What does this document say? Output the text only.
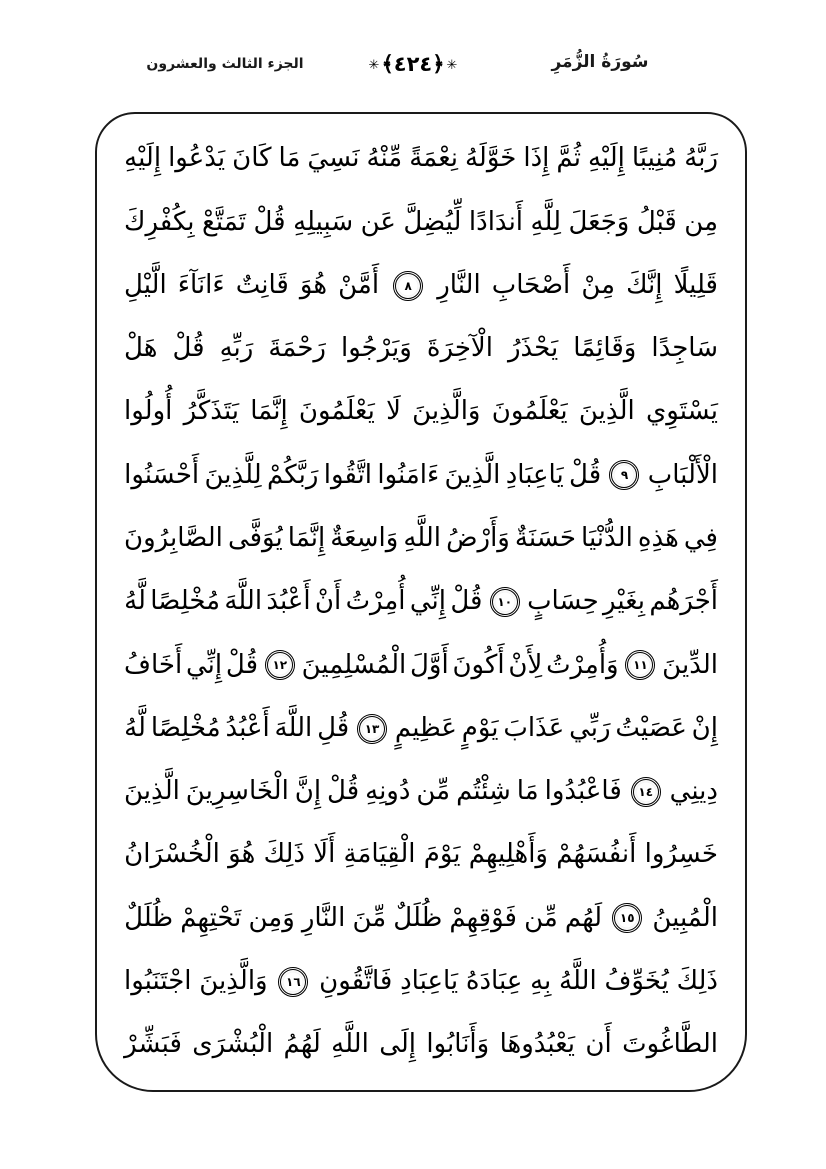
سُورَةُ الزُّمَرِ
✳
﴿٤٢٤﴾
✳
الجزء الثالث والعشرون
رَبَّهُ
مُنِيبًا
إِلَيْهِ
ثُمَّ
إِذَا
خَوَّلَهُ
نِعْمَةً
مِّنْهُ
نَسِيَ
مَا
كَانَ
يَدْعُوا
إِلَيْهِ
مِن
قَبْلُ
وَجَعَلَ
لِلَّهِ
أَندَادًا
لِّيُضِلَّ
عَن
سَبِيلِهِ
قُلْ
تَمَتَّعْ
بِكُفْرِكَ
قَلِيلًا
إِنَّكَ
مِنْ
أَصْحَابِ
النَّارِ
٨
أَمَّنْ
هُوَ
قَانِتٌ
ءَانَآءَ
الَّيْلِ
سَاجِدًا
وَقَائِمًا
يَحْذَرُ
الْآخِرَةَ
وَيَرْجُوا
رَحْمَةَ
رَبِّهِ
قُلْ
هَلْ
يَسْتَوِي
الَّذِينَ
يَعْلَمُونَ
وَالَّذِينَ
لَا
يَعْلَمُونَ
إِنَّمَا
يَتَذَكَّرُ
أُولُوا
الْأَلْبَابِ
٩
قُلْ
يَاعِبَادِ
الَّذِينَ
ءَامَنُوا
اتَّقُوا
رَبَّكُمْ
لِلَّذِينَ
أَحْسَنُوا
فِي
هَذِهِ
الدُّنْيَا
حَسَنَةٌ
وَأَرْضُ
اللَّهِ
وَاسِعَةٌ
إِنَّمَا
يُوَفَّى
الصَّابِرُونَ
أَجْرَهُم
بِغَيْرِ
حِسَابٍ
١٠
قُلْ
إِنِّي
أُمِرْتُ
أَنْ
أَعْبُدَ
اللَّهَ
مُخْلِصًا
لَّهُ
الدِّينَ
١١
وَأُمِرْتُ
لِأَنْ
أَكُونَ
أَوَّلَ
الْمُسْلِمِينَ
١٢
قُلْ
إِنِّي
أَخَافُ
إِنْ
عَصَيْتُ
رَبِّي
عَذَابَ
يَوْمٍ
عَظِيمٍ
١٣
قُلِ
اللَّهَ
أَعْبُدُ
مُخْلِصًا
لَّهُ
دِينِي
١٤
فَاعْبُدُوا
مَا
شِئْتُم
مِّن
دُونِهِ
قُلْ
إِنَّ
الْخَاسِرِينَ
الَّذِينَ
خَسِرُوا
أَنفُسَهُمْ
وَأَهْلِيهِمْ
يَوْمَ
الْقِيَامَةِ
أَلَا
ذَلِكَ
هُوَ
الْخُسْرَانُ
الْمُبِينُ
١٥
لَهُم
مِّن
فَوْقِهِمْ
ظُلَلٌ
مِّنَ
النَّارِ
وَمِن
تَحْتِهِمْ
ظُلَلٌ
ذَلِكَ
يُخَوِّفُ
اللَّهُ
بِهِ
عِبَادَهُ
يَاعِبَادِ
فَاتَّقُونِ
١٦
وَالَّذِينَ
اجْتَنَبُوا
الطَّاغُوتَ
أَن
يَعْبُدُوهَا
وَأَنَابُوا
إِلَى
اللَّهِ
لَهُمُ
الْبُشْرَى
فَبَشِّرْ
